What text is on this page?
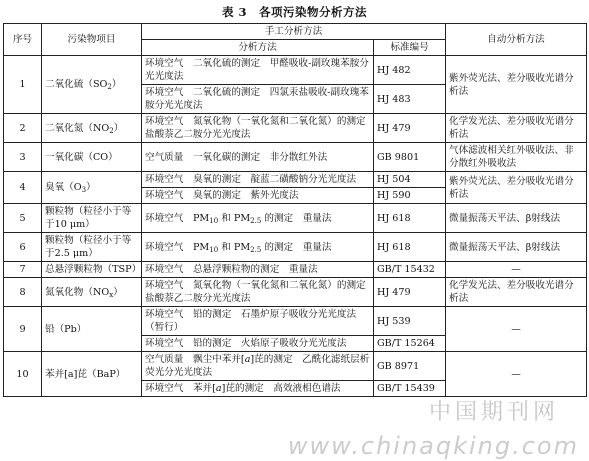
表 3　各项污染物分析方法
序号	污染物项目	手工分析方法		自动分析方法
		分析方法	标准编号	
1	二氧化硫$(SO_2)$	环境空气　二氧化硫的测定　甲醛吸收-副玫瑰苯胺分光光度法	HJ 482	紫外荧光法、差分吸收光谱分析法
		环境空气　二氧化硫的测定　四氯汞盐吸收-副玫瑰苯胺分光光度法	HJ 483	
2	二氧化氮$(NO_2)$	环境空气　氮氧化物（一氧化氮和二氧化氮）的测定　盐酸萘乙二胺分光光度法	HJ 479	化学发光法、差分吸收光谱分析法
3	一氧化碳（CO）	空气质量　一氧化碳的测定　非分散红外法	GB 9801	气体滤波相关红外吸收法、非分散红外吸收法
4	臭氧$(O_3)$	环境空气　臭氧的测定　靛蓝二磺酸钠分光光度法	HJ 504	紫外荧光法、差分吸收光谱分析法
		环境空气　臭氧的测定　紫外光度法	HJ 590	
5	颗粒物（粒径小于等于10 μm）	环境空气　$PM_{10}$ 和 $PM_{2.5}$ 的测定　重量法	HJ 618	微量振荡天平法、β射线法
6	颗粒物（粒径小于等于2.5 μm）	环境空气　$PM_{10}$ 和 $PM_{2.5}$ 的测定　重量法	HJ 618	微量振荡天平法、β射线法
7	总悬浮颗粒物（TSP）	环境空气　总悬浮颗粒物的测定　重量法	GB/T 15432	—
8	氮氧化物$(NO_x)$	环境空气　氮氧化物（一氧化氮和二氧化氮）的测定　盐酸萘乙二胺分光光度法	HJ 479	化学发光法、差分吸收光谱分析法
9	铅（Pb）	环境空气　铅的测定　石墨炉原子吸收分光光度法（暂行）	HJ 539	—
		环境空气　铅的测定　火焰原子吸收分光光度法	GB/T 15264	
10	苯并[a]芘（BaP）	空气质量　飘尘中苯并[a]芘的测定　乙酰化滤纸层析荧光分光光度法	GB 8971	—
		环境空气　苯并[a]芘的测定　高效液相色谱法	GB/T 15439	
中国期刊网
www.chinaqking.com
